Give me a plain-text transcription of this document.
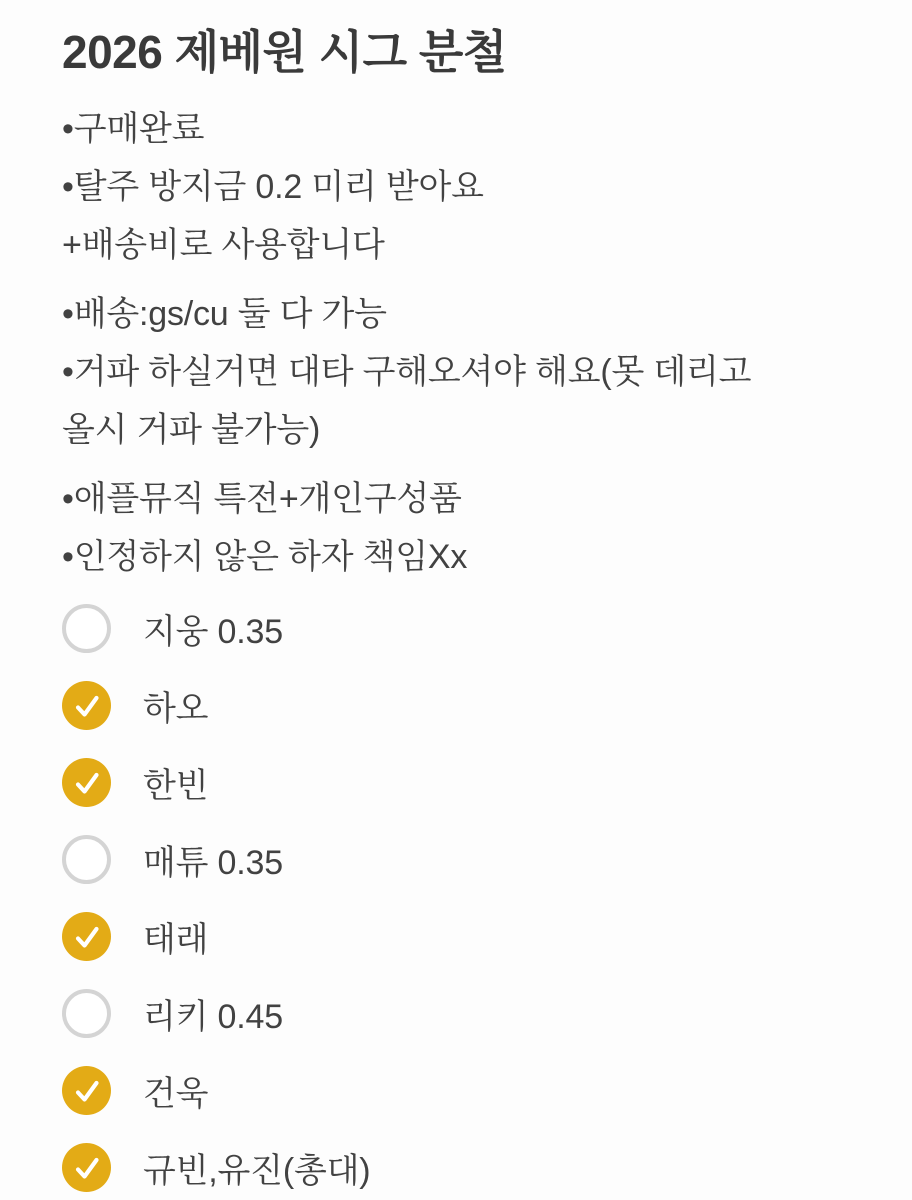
2026 제베원 시그 분철
•구매완료
•탈주 방지금 0.2 미리 받아요
+배송비로 사용합니다
•배송:gs/cu 둘 다 가능
•거파 하실거면 대타 구해오셔야 해요(못 데리고
올시 거파 불가능)
•애플뮤직 특전+개인구성품
•인정하지 않은 하자 책임Xx
지웅 0.35
하오
한빈
매튜 0.35
태래
리키 0.45
건욱
규빈,유진(총대)
